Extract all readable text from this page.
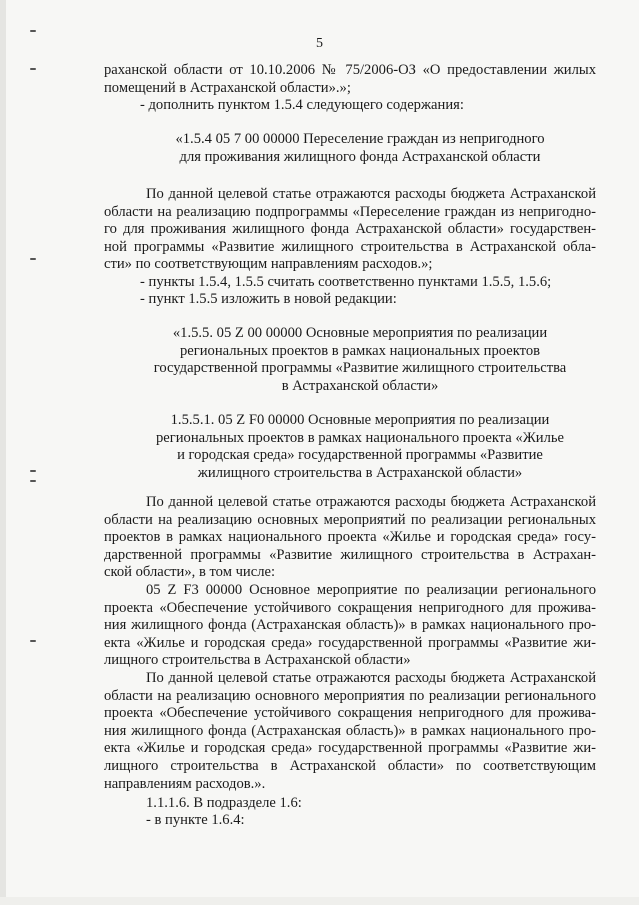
5
раханской области от 10.10.2006 № 75/2006-ОЗ «О предоставлении жилых
помещений в Астраханской области».»;
- дополнить пунктом 1.5.4 следующего содержания:
«1.5.4 05 7 00 00000 Переселение граждан из непригодного
для проживания жилищного фонда Астраханской области
По данной целевой статье отражаются расходы бюджета Астраханской
области на реализацию подпрограммы «Переселение граждан из непригодно-
го для проживания жилищного фонда Астраханской области» государствен-
ной программы «Развитие жилищного строительства в Астраханской обла-
сти» по соответствующим направлениям расходов.»;
- пункты 1.5.4, 1.5.5 считать соответственно пунктами 1.5.5, 1.5.6;
- пункт 1.5.5 изложить в новой редакции:
«1.5.5. 05 Z 00 00000 Основные мероприятия по реализации
региональных проектов в рамках национальных проектов
государственной программы «Развитие жилищного строительства
в Астраханской области»
1.5.5.1. 05 Z F0 00000 Основные мероприятия по реализации
региональных проектов в рамках национального проекта «Жилье
и городская среда» государственной программы «Развитие
жилищного строительства в Астраханской области»
По данной целевой статье отражаются расходы бюджета Астраханской
области на реализацию основных мероприятий по реализации региональных
проектов в рамках национального проекта «Жилье и городская среда» госу-
дарственной программы «Развитие жилищного строительства в Астрахан-
ской области», в том числе:
05 Z F3 00000 Основное мероприятие по реализации регионального
проекта «Обеспечение устойчивого сокращения непригодного для прожива-
ния жилищного фонда (Астраханская область)» в рамках национального про-
екта «Жилье и городская среда» государственной программы «Развитие жи-
лищного строительства в Астраханской области»
По данной целевой статье отражаются расходы бюджета Астраханской
области на реализацию основного мероприятия по реализации регионального
проекта «Обеспечение устойчивого сокращения непригодного для прожива-
ния жилищного фонда (Астраханская область)» в рамках национального про-
екта «Жилье и городская среда» государственной программы «Развитие жи-
лищного строительства в Астраханской области» по соответствующим
направлениям расходов.».
1.1.1.6. В подразделе 1.6:
- в пункте 1.6.4:
